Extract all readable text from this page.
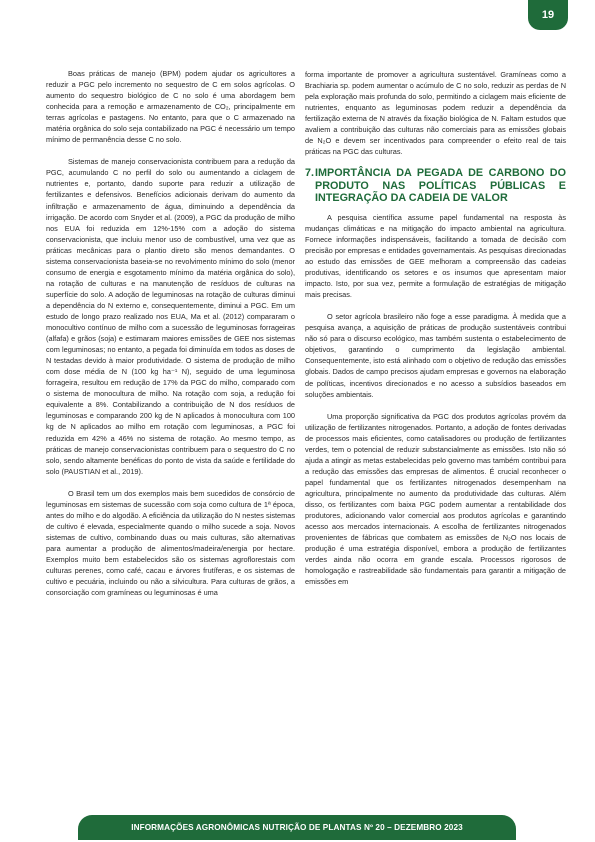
19

Boas práticas de manejo (BPM) podem ajudar os agricultores a reduzir a PGC pelo incremento no sequestro de C em solos agrícolas. O aumento do sequestro biológico de C no solo é uma abordagem bem conhecida para a remoção e armazenamento de CO₂, principalmente em terras agrícolas e pastagens. No entanto, para que o C armazenado na matéria orgânica do solo seja contabilizado na PGC é necessário um tempo mínimo de permanência desse C no solo.

Sistemas de manejo conservacionista contribuem para a redução da PGC, acumulando C no perfil do solo ou aumentando a ciclagem de nutrientes e, portanto, dando suporte para reduzir a utilização de fertilizantes e defensivos. Benefícios adicionais derivam do aumento da infiltração e armazenamento de água, diminuindo a dependência da irrigação. De acordo com Snyder et al. (2009), a PGC da produção de milho nos EUA foi reduzida em 12%-15% com a adoção do sistema conservacionista, que incluiu menor uso de combustível, uma vez que as práticas mecânicas para o plantio direto são menos demandantes. O sistema conservacionista baseia-se no revolvimento mínimo do solo (menor consumo de energia e esgotamento mínimo da matéria orgânica do solo), na rotação de culturas e na manutenção de resíduos de culturas na superfície do solo. A adoção de leguminosas na rotação de culturas diminui a dependência do N externo e, consequentemente, diminui a PGC. Em um estudo de longo prazo realizado nos EUA, Ma et al. (2012) compararam o monocultivo contínuo de milho com a sucessão de leguminosas forrageiras (alfafa) e grãos (soja) e estimaram maiores emissões de GEE nos sistemas com leguminosas; no entanto, a pegada foi diminuída em todos as doses de N testadas devido à maior produtividade. O sistema de produção de milho com dose média de N (100 kg ha⁻¹ N), seguido de uma leguminosa forrageira, resultou em redução de 17% da PGC do milho, comparado com o sistema de monocultura de milho. Na rotação com soja, a redução foi equivalente a 8%. Contabilizando a contribuição de N dos resíduos de leguminosas e comparando 200 kg de N aplicados à monocultura com 100 kg de N aplicados ao milho em rotação com leguminosas, a PGC foi reduzida em 42% a 46% no sistema de rotação. Ao mesmo tempo, as práticas de manejo conservacionistas contribuem para o sequestro do C no solo, sendo altamente benéficas do ponto de vista da saúde e fertilidade do solo (PAUSTIAN et al., 2019).

O Brasil tem um dos exemplos mais bem sucedidos de consórcio de leguminosas em sistemas de sucessão com soja como cultura de 1ª época, antes do milho e do algodão. A eficiência da utilização do N nestes sistemas de cultivo é elevada, especialmente quando o milho sucede a soja. Novos sistemas de cultivo, combinando duas ou mais culturas, são alternativas para aumentar a produção de alimentos/madeira/energia por hectare. Exemplos muito bem estabelecidos são os sistemas agroflorestais com culturas perenes, como café, cacau e árvores frutíferas, e os sistemas de cultivo e pecuária, incluindo ou não a silvicultura. Para culturas de grãos, a consorciação com gramíneas ou leguminosas é uma

forma importante de promover a agricultura sustentável. Gramíneas como a Brachiaria sp. podem aumentar o acúmulo de C no solo, reduzir as perdas de N pela exploração mais profunda do solo, permitindo a ciclagem mais eficiente de nutrientes, enquanto as leguminosas podem reduzir a dependência da fertilização externa de N através da fixação biológica de N. Faltam estudos que avaliem a contribuição das culturas não comerciais para as emissões globais de N₂O e devem ser incentivados para compreender o efeito real de tais práticas na PGC das culturas.

7. IMPORTÂNCIA DA PEGADA DE CARBONO DO PRODUTO NAS POLÍTICAS PÚBLICAS E INTEGRAÇÃO DA CADEIA DE VALOR

A pesquisa científica assume papel fundamental na resposta às mudanças climáticas e na mitigação do impacto ambiental na agricultura. Fornece informações indispensáveis, facilitando a tomada de decisão com precisão por empresas e entidades governamentais. As pesquisas direcionadas ao estudo das emissões de GEE melhoram a compreensão das cadeias produtivas, identificando os setores e os insumos que apresentam maior impacto. Isto, por sua vez, permite a formulação de estratégias de mitigação mais precisas.

O setor agrícola brasileiro não foge a esse paradigma. À medida que a pesquisa avança, a aquisição de práticas de produção sustentáveis contribui não só para o discurso ecológico, mas também sustenta o estabelecimento de objetivos, garantindo o cumprimento da legislação ambiental. Consequentemente, isto está alinhado com o objetivo de redução das emissões globais. Dados de campo precisos ajudam empresas e governos na elaboração de políticas, incentivos direcionados e no acesso a subsídios baseados em soluções ambientais.

Uma proporção significativa da PGC dos produtos agrícolas provém da utilização de fertilizantes nitrogenados. Portanto, a adoção de fontes derivadas de processos mais eficientes, como catalisadores ou produção de fertilizantes verdes, tem o potencial de reduzir substancialmente as emissões. Isto não só ajuda a atingir as metas estabelecidas pelo governo mas também contribui para a redução das emissões das empresas de alimentos. É crucial reconhecer o papel fundamental que os fertilizantes nitrogenados desempenham na agricultura, principalmente no aumento da produtividade das culturas. Além disso, os fertilizantes com baixa PGC podem aumentar a rentabilidade dos produtores, adicionando valor comercial aos produtos agrícolas e garantindo acesso aos mercados internacionais. A escolha de fertilizantes nitrogenados provenientes de fábricas que combatem as emissões de N₂O nos locais de produção é uma estratégia disponível, embora a produção de fertilizantes verdes ainda não ocorra em grande escala. Processos rigorosos de homologação e rastreabilidade são fundamentais para garantir a mitigação de emissões em

INFORMAÇÕES AGRONÔMICAS NUTRIÇÃO DE PLANTAS Nº 20 – DEZEMBRO 2023
